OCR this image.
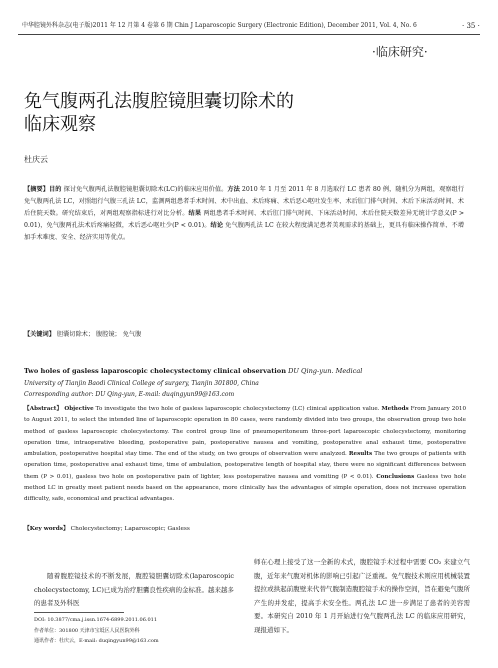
中华腔镜外科杂志(电子版)2011 年 12 月第 4 卷第 6 期 Chin J Laparoscopic Surgery (Electronic Edition), December 2011, Vol. 4, No. 6	· 35 ·
·临床研究·
免气腹两孔法腹腔镜胆囊切除术的
临床观察
杜庆云
【摘要】目的 探讨免气腹两孔法腹腔镜胆囊切除术(LC)的临床应用价值。方法 2010 年 1 月至 2011 年 8 月选取行 LC 患者 80 例，随机分为两组，观察组行免气腹两孔法 LC，对照组行气腹三孔法 LC，监测两组患者手术时间、术中出血、术后疼痛、术后恶心呕吐发生率、术后肛门排气时间、术后下床活动时间、术后住院天数。研究结束后，对两组观察指标进行对比分析。结果 两组患者手术时间、术后肛门排气时间、下床活动时间、术后住院天数差异无统计学意义(P > 0.01)，免气腹两孔法术后疼痛轻微，术后恶心呕吐少(P < 0.01)。结论 免气腹两孔法 LC 在较大程度满足患者美观需求的基础上，更具有临床操作简单、不增加手术难度、安全、经济实用等优点。
【关键词】 胆囊切除术； 腹腔镜； 免气腹
Two holes of gasless laparoscopic cholecystectomy clinical observation DU Qing-yun. Medical
University of Tianjin Baodi Clinical College of surgery, Tianjin 301800, China
Corresponding author: DU Qing-yun, E-mail: duqingyun99@163.com
【Abstract】 Objective To investigate the two hole of gasless laparoscopic cholecystectomy (LC) clinical application value. Methods From January 2010 to August 2011, to select the intended line of laparoscopic operation in 80 cases, were randomly divided into two groups, the observation group two hole method of gasless laparoscopic cholecystectomy. The control group line of pneumoperitoneum three-port laparoscopic cholecystectomy, monitoring operation time, intraoperative bleeding, postoperative pain, postoperative nausea and vomiting, postoperative anal exhaust time, postoperative ambulation, postoperative hospital stay time. The end of the study, on two groups of observation were analyzed. Results The two groups of patients with operation time, postoperative anal exhaust time, time of ambulation, postoperative length of hospital stay, there were no significant differences between them (P > 0.01), gasless two hole on postoperative pain of lighter, less postoperative nausea and vomiting (P < 0.01). Conclusions Gasless two hole method LC in greatly meet patient needs based on the appearance, more clinically has the advantages of simple operation, does not increase operation difficulty, safe, economical and practical advantages.
【Key words】 Cholecystectomy; Laparoscopic; Gasless
随着腹腔镜技术的不断发展，腹腔镜胆囊切除术(laparoscopic cholecystectomy, LC)已成为治疗胆囊良性疾病的金标准。越来越多的患者及外科医
师在心理上接受了这一全新的术式，腹腔镜手术过程中需要 CO₂ 来建立气腹，近年来气腹对机体的影响已引起广泛重视。免气腹技术则应用机械装置提拉或拱起前腹壁来代替气腹制造腹腔镜手术的操作空间，旨在避免气腹所产生的并发症，提高手术安全性。两孔法 LC 进一步满足了患者的美容需要。本研究自 2010 年 1 月开始进行免气腹两孔法 LC 的临床应用研究，现报道如下。
DOI: 10.3877/cma.j.issn.1674-6899.2011.06.011
作者单位：301800 天津市宝坻区人民医院外科
通讯作者：杜庆云，E-mail: duqingyun99@163.com
